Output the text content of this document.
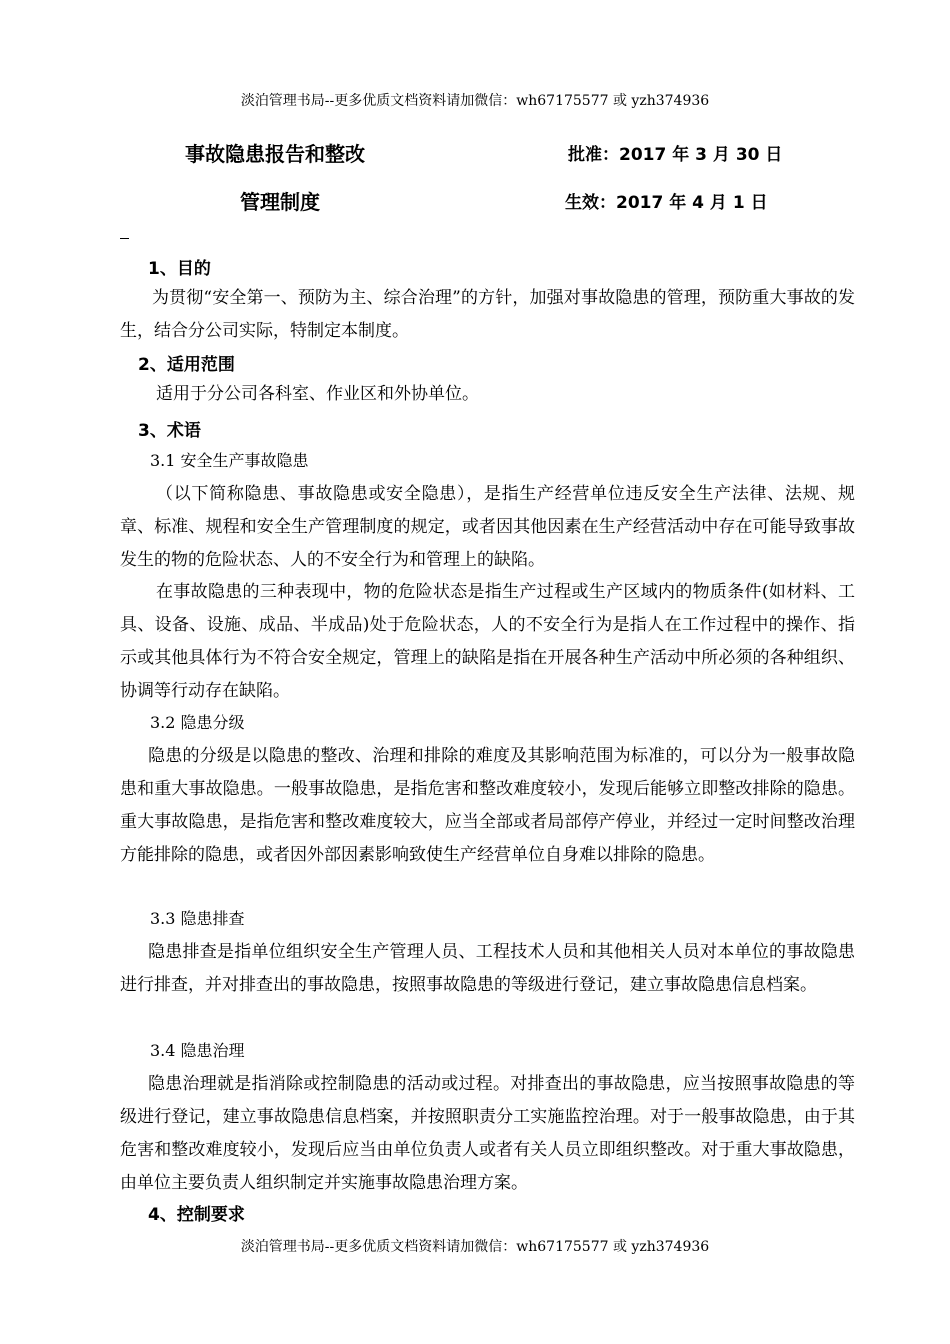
淡泊管理书局--更多优质文档资料请加微信：wh67175577 或 yzh374936
事故隐患报告和整改	批准：2017 年 3 月 30 日
管理制度	生效：2017 年 4 月 1 日
1、目的

为贯彻“安全第一、预防为主、综合治理”的方针，加强对事故隐患的管理，预防重大事故的发生，结合分公司实际，特制定本制度。

2、适用范围

适用于分公司各科室、作业区和外协单位。

3、术语
3.1 安全生产事故隐患

（以下简称隐患、事故隐患或安全隐患），是指生产经营单位违反安全生产法律、法规、规章、标准、规程和安全生产管理制度的规定，或者因其他因素在生产经营活动中存在可能导致事故发生的物的危险状态、人的不安全行为和管理上的缺陷。

在事故隐患的三种表现中，物的危险状态是指生产过程或生产区域内的物质条件(如材料、工具、设备、设施、成品、半成品)处于危险状态，人的不安全行为是指人在工作过程中的操作、指示或其他具体行为不符合安全规定，管理上的缺陷是指在开展各种生产活动中所必须的各种组织、协调等行动存在缺陷。

3.2 隐患分级

隐患的分级是以隐患的整改、治理和排除的难度及其影响范围为标准的，可以分为一般事故隐患和重大事故隐患。一般事故隐患，是指危害和整改难度较小，发现后能够立即整改排除的隐患。重大事故隐患，是指危害和整改难度较大，应当全部或者局部停产停业，并经过一定时间整改治理方能排除的隐患，或者因外部因素影响致使生产经营单位自身难以排除的隐患。

3.3 隐患排查

隐患排查是指单位组织安全生产管理人员、工程技术人员和其他相关人员对本单位的事故隐患进行排查，并对排查出的事故隐患，按照事故隐患的等级进行登记，建立事故隐患信息档案。

3.4 隐患治理

隐患治理就是指消除或控制隐患的活动或过程。对排查出的事故隐患，应当按照事故隐患的等级进行登记，建立事故隐患信息档案，并按照职责分工实施监控治理。对于一般事故隐患，由于其危害和整改难度较小，发现后应当由单位负责人或者有关人员立即组织整改。对于重大事故隐患，由单位主要负责人组织制定并实施事故隐患治理方案。

4、控制要求
淡泊管理书局--更多优质文档资料请加微信：wh67175577 或 yzh374936
